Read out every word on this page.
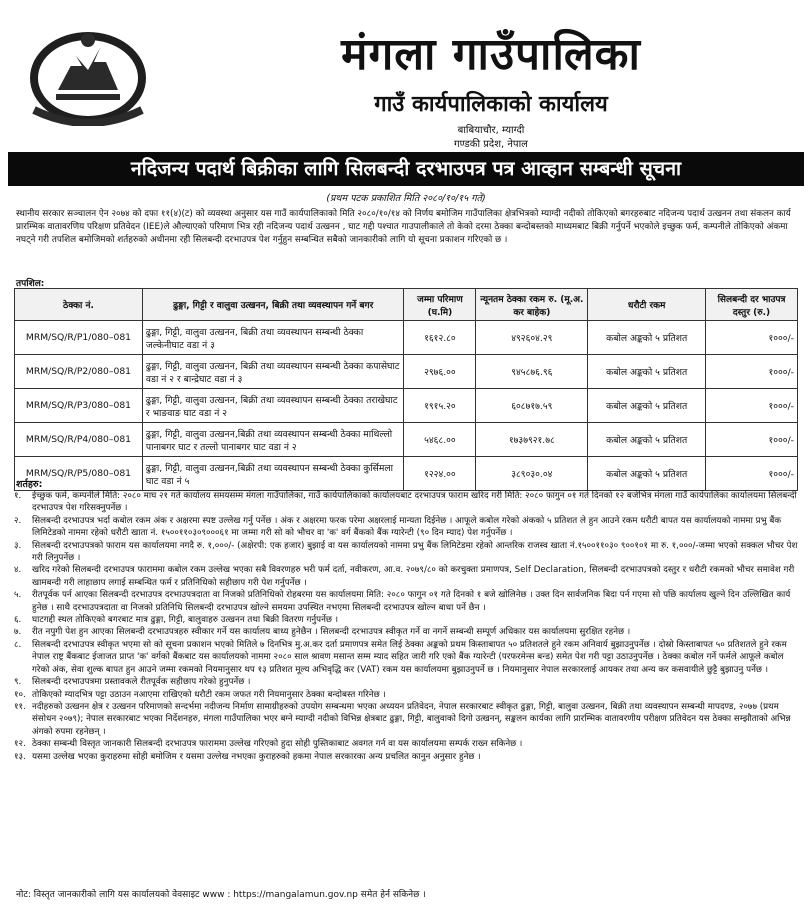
मंगला गाउँपालिका
गाउँ कार्यपालिकाको कार्यालय
बाबियाचौर, म्याग्दी
गण्डकी प्रदेश, नेपाल
नदिजन्य पदार्थ बिक्रीका लागि सिलबन्दी दरभाउपत्र पत्र आव्हान सम्बन्धी सूचना
(प्रथम पटक प्रकाशित मिति २०८०/१०/१५ गते)
स्थानीय सरकार सञ्चालन ऐन २०७४ को दफा ११(४)(ट) को व्यवस्था अनुसार यस गाउँ कार्यपालिकाको मिति २०८०/१०/१४ को निर्णय बमोजिम गाउँपालिका क्षेत्रभित्रको म्याग्दी नदीको तोकिएको बगरहरुबाट नदिजन्य पदार्थ उत्खनन तथा संकलन कार्य प्रारम्भिक वातावरणिय परिक्षण प्रतिवेदन (IEE)ले औल्याएको परिमाण भित्र रही नदिजन्य पदार्थ उत्खनन , घाट गद्दी पश्चात गाउपालीकाले तो केको दरमा ठेक्का बन्दोबस्तको माध्यमबाट बिक्री गर्नुपर्ने भएकोले इच्छुक फर्म, कम्पनीले तोकिएको अंकमा नघट्ने गरी तपशिल बमोजिमको शर्तहरुको अधीनमा रही सिलबन्दी दरभाउपत्र पेश गर्नुहुन सम्बन्धित सबैको जानकारीको लागि यो सूचना प्रकाशन गरिएको छ ।
तपशिल:
ठेक्का नं.	ढुङ्गा, गिट्टी र वालुवा उत्खनन, बिक्री तथा व्यवस्थापन गर्ने बगर	जम्मा परिमाण (घ.मि)	न्यूनतम ठेक्का रकम रु. (मू.अ. कर बाहेक)	धरौटी रकम	सिलबन्दी दर भाउपत्र दस्तुर (रु.)
MRM/SQ/R/P1/080–081	ढुङ्गा, गिट्टी, वालुवा उत्खनन, बिक्री तथा व्यवस्थापन सम्बन्धी ठेक्का जल्केनीघाट वडा नं ३	१६१२.८०	४९२६०४.२९	कबोल अङ्कको ५ प्रतिशत	१०००/-
MRM/SQ/R/P2/080–081	ढुङ्गा, गिट्टी, वालुवा उत्खनन, बिक्री तथा व्यवस्थापन सम्बन्धी ठेक्का कपासेघाट वडा नं २ र बान्द्रेघाट वडा नं ३	२९७६.००	९४५८७६.९६	कबोल अङ्कको ५ प्रतिशत	१०००/-
MRM/SQ/R/P3/080–081	ढुङ्गा, गिट्टी, वालुवा उत्खनन, बिक्री तथा व्यवस्थापन सम्बन्धी ठेक्का तराखेघाट र भाङवाङ घाट वडा नं २	१९१५.२०	६०८७१७.५९	कबोल अङ्कको ५ प्रतिशत	१०००/-
MRM/SQ/R/P4/080–081	ढुङ्गा, गिट्टी, वालुवा उत्खनन,बिक्री तथा व्यवस्थापन सम्बन्धी ठेक्का माथिल्लो पानाबगर घाट र तल्लो पानाबगर घाट वडा नं २	५४६८.००	१७३७९२१.७८	कबोल अङ्कको ५ प्रतिशत	१०००/-
MRM/SQ/R/P5/080–081	ढुङ्गा, गिट्टी, वालुवा उत्खनन,बिक्री तथा व्यवस्थापन सम्बन्धी ठेक्का कुर्सिमला घाट वडा नं ५	१२२४.००	३८९०३०.०४	कबोल अङ्कको ५ प्रतिशत	१०००/-
शर्तहरु:
१.	ईच्छुक फर्म, कम्पनीले मिति: २०८० माघ २१ गते कार्यालय समयसम्म मंगला गाउँपालिका, गाउँ कार्यपालिकाको कार्यालयबाट दरभाउपत्र फाराम खरिद गरी मिति: २०८० फागुन ०१ गते दिनको १२ बजेभित्र मंगला गाउँ कार्यपालिका कार्यालयमा सिलबन्दी दरभाउपत्र पेश गरिसक्नुपर्नेछ ।
२.	सिलबन्दी दरभाउपत्र भर्दा कबोल रकम अंक र अक्षरमा स्पष्ट उल्लेख गर्नु पर्नेछ । अंक र अक्षरमा फरक परेमा अक्षरलाई मान्यता दिईनेछ । आफूले कबोल गरेको अंकको ५ प्रतिशत ले हुन आउने रकम धरौटी बापत यस कार्यालयको नाममा प्रभु बैंक लिमिटेडको नाममा रहेको धरौटी खाता नं. १५००११०३०९०००६१ मा जम्मा गरी सो को भौचर वा 'क' वर्ग बैंकको बैंक ग्यारेन्टी (९० दिन म्याद) पेश गर्नुपर्नेछ ।
३.	सिलबन्दी दरभाउपत्रको फाराम यस कार्यालयमा नगदै रु. १,०००/- (अक्षेरपी: एक हजार) बुझाई वा यस कार्यालयको नाममा प्रभु बैंक लिमिटेडमा रहेको आन्तरिक राजस्व खाता नं.१५००११०३० ९००१०१ मा रु. १,०००/-जम्मा भएको सक्कल भौचर पेश गरी लिनुपर्नेछ ।
४.	खरिद गरेको सिलबन्दी दरभाउपत्र फाराममा कबोल रकम उल्लेख भएका सबै विवरणहरु भरी फर्म दर्ता, नवीकरण, आ.व. २०७९/८० को करचुक्ता प्रमाणपत्र, Self Declaration, सिलबन्दी दरभाउपत्रको दस्तुर र धरौटी रकमको भौचर समावेश गरी खामबन्दी गरी लाहाछाप लगाई सम्बन्धित फर्म र प्रतिनिधिको सहीछाप गरी पेश गर्नुपर्नेछ ।
५.	रीतपूर्वक पर्न आएका सिलबन्दी दरभाउपत्र दरभाउपत्रदाता वा निजको प्रतिनिधिको रोहबरमा यस कार्यालयमा मिति: २०८० फागुन ०१ गते दिनको १ बजे खोलिनेछ । उक्त दिन सार्वजनिक बिदा पर्न गएमा सो पछि कार्यालय खुल्ने दिन उल्लिखित कार्य हुनेछ । साथै दरभाउपत्रदाता वा निजको प्रतिनिधि सिलबन्दी दरभाउपत्र खोल्ने समयमा उपस्थित नभएमा सिलबन्दी दरभाउपत्र खोल्न बाधा पर्ने छैन ।
६.	घाटगद्दी स्थल तोकिएको बगरबाट मात्र ढुङ्गा, गिट्टी, बालुवाहरु उत्खनन तथा बिक्री वितरण गर्नुपर्नेछ ।
७.	रीत नपुगी पेश हुन आएका सिलबन्दी दरभाउपत्रहरु स्वीकार गर्ने यस कार्यालय बाध्य हुनेछैन । सिलबन्दी दरभाउपत्र स्वीकृत गर्ने वा नगर्ने सम्बन्धी सम्पूर्ण अधिकार यस कार्यालयमा सुरक्षित रहनेछ ।
८.	सिलबन्दी दरभाउपत्र स्वीकृत भएमा सो को सूचना प्रकाशन भएको मितिले ७ दिनभित्र मु.अ.कर दर्ता प्रमाणपत्र समेत लिई ठेक्का अङ्कको प्रथम किस्ताबापत ५० प्रतिशतले हुने रकम अनिवार्य बुझाउनुपर्नेछ । दोस्रो किस्ताबापत ५० प्रतिशतले हुने रकम नेपाल राष्ट्र बैंकबाट ईजाजत प्राप्त 'क' वर्गको बैंकबाट यस कार्यालयको नाममा २०८० साल श्रावण मसान्त सम्म म्याद सहित जारी गरि एको बैंक ग्यारेन्टी (परफरमेन्स बन्ड) समेत पेश गरी पट्टा उठाउनुपर्नेछ । ठेक्का कबोल गर्ने फर्मले आफूले कबोल गरेको अंक, सेवा शुल्क बापत हुन आउने जम्मा रकमको नियमानुसार थप १३ प्रतिशत मूल्य अभिवृद्धि कर (VAT) रकम यस कार्यालयमा बुझाउनुपर्ने छ । नियमानुसार नेपाल सरकारलाई आयकर तथा अन्य कर कसवायीले छुट्टै बुझाउनु पर्नेछ ।
९.	सिलबन्दी दरभाउपत्रमा प्रस्तावकले रीतपूर्वक सहीछाप गरेको हुनुपर्नेछ ।
१०. तोकिएको म्यादभित्र पट्टा उठाउन नआएमा राखिएको धरौटी रकम जफत गरी नियमानुसार ठेक्का बन्दोबस्त गरिनेछ ।
११. नदीहरुको उत्खनन क्षेत्र र उत्खनन परिमाणको सन्दर्भमा नदीजन्य निर्माण सामाग्रीहरुको उपयोग सम्बन्धमा भएका अध्ययन प्रतिवेदन, नेपाल सरकारबाट स्वीकृत ढुङ्गा, गिट्टी, बालुवा उत्खनन, बिक्री तथा व्यवस्थापन सम्बन्धी मापदण्ड, २०७७ (प्रथम संसोधन २०७९); नेपाल सरकारबाट भएका निर्देशनहरु, मंगला गाउँपालिका भएर बग्ने म्याग्दी नदीको विभिन्न क्षेत्रबाट ढुङ्गा, गिट्टी, बालुवाको दिगो उत्खनन्, सङ्कलन कार्यका लागि प्रारम्भिक वातावरणीय परीक्षण प्रतिवेदन यस ठेक्का सम्झौताको अभिन्न अंगको रुपमा रहनेछन् ।
१२. ठेक्का सम्बन्धी विस्तृत जानकारी सिलबन्दी दरभाउपत्र फाराममा उल्लेख गरिएको हुदा सोही पुस्तिकाबाट अवगत गर्न वा यस कार्यालयमा सम्पर्क राख्न सकिनेछ ।
१३. यसमा उल्लेख भएका कुराहरुमा सोही बमोजिम र यसमा उल्लेख नभएका कुराहरुको हकमा नेपाल सरकारका अन्य प्रचलित कानुन अनुसार हुनेछ ।
नोट: विस्तृत जानकारीको लागि यस कार्यालयको वेवसाइट www : https://mangalamun.gov.np समेत हेर्न सकिनेछ ।
